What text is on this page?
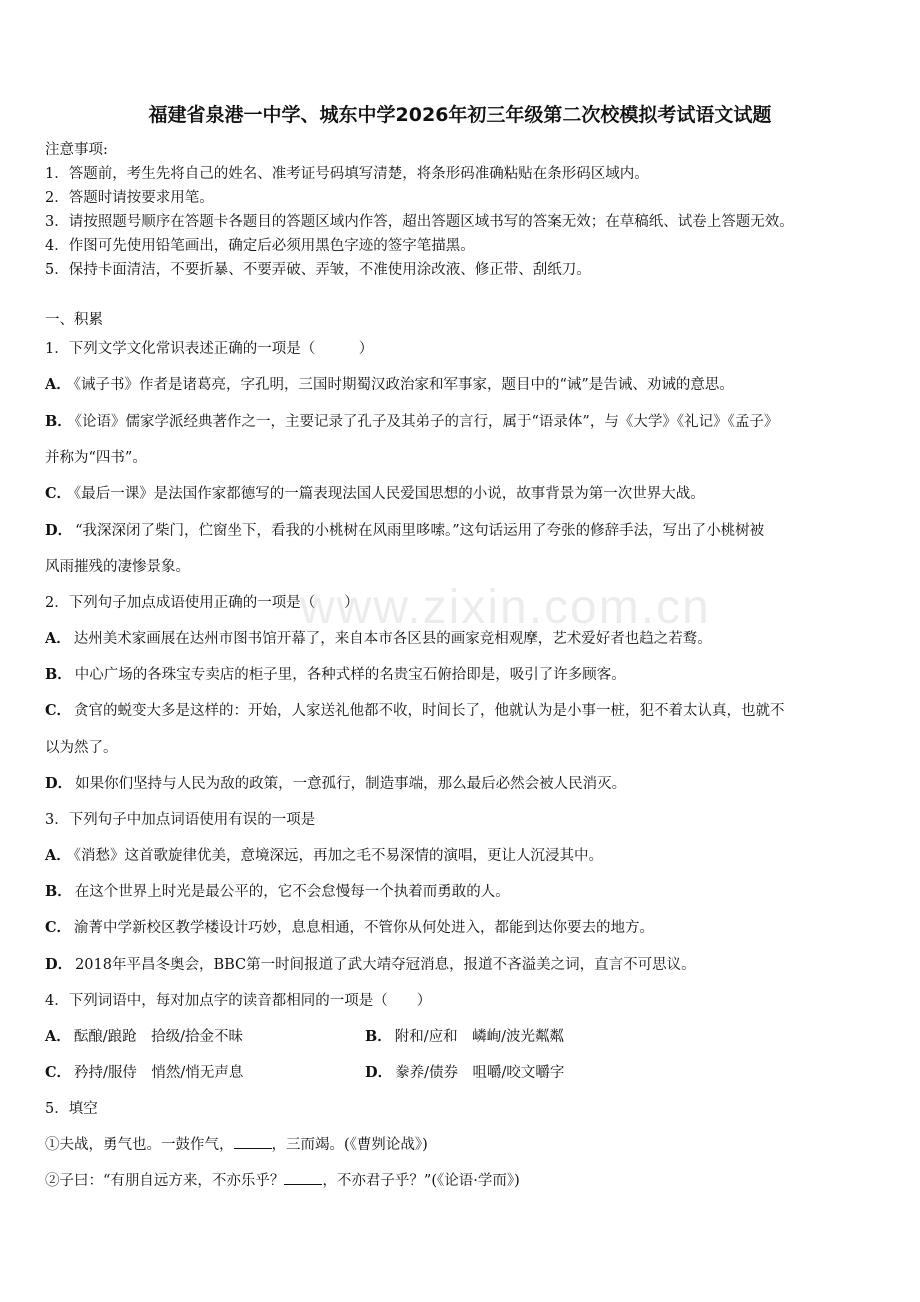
www.zixin.com.cn
福建省泉港一中学、城东中学2026年初三年级第二次校模拟考试语文试题
注意事项:
1．答题前，考生先将自己的姓名、准考证号码填写清楚，将条形码准确粘贴在条形码区域内。
2．答题时请按要求用笔。
3．请按照题号顺序在答题卡各题目的答题区域内作答，超出答题区域书写的答案无效；在草稿纸、试卷上答题无效。
4．作图可先使用铅笔画出，确定后必须用黑色字迹的签字笔描黑。
5．保持卡面清洁，不要折暴、不要弄破、弄皱，不准使用涂改液、修正带、刮纸刀。
一、积累
1．下列文学文化常识表述正确的一项是（　　　）
A． 《诫子书》作者是诸葛亮，字孔明，三国时期蜀汉政治家和军事家，题目中的“诫”是告诫、劝诫的意思。
B． 《论语》儒家学派经典著作之一，主要记录了孔子及其弟子的言行，属于“语录体”，与《大学》《礼记》《孟子》
并称为“四书”。
C． 《最后一课》是法国作家都德写的一篇表现法国人民爱国思想的小说，故事背景为第一次世界大战。
D． “我深深闭了柴门，伫窗坐下，看我的小桃树在风雨里哆嗦。”这句话运用了夸张的修辞手法，写出了小桃树被
风雨摧残的凄惨景象。
2．下列句子加点成语使用正确的一项是（　　）
A． 达州美术家画展在达州市图书馆开幕了，来自本市各区县的画家竞相观摩，艺术爱好者也趋之若鹜。
B． 中心广场的各珠宝专卖店的柜子里，各种式样的名贵宝石俯拾即是，吸引了许多顾客。
C． 贪官的蜕变大多是这样的：开始，人家送礼他都不收，时间长了，他就认为是小事一桩，犯不着太认真，也就不
以为然了。
D． 如果你们坚持与人民为敌的政策，一意孤行，制造事端，那么最后必然会被人民消灭。
3．下列句子中加点词语使用有误的一项是
A． 《消愁》这首歌旋律优美，意境深远，再加之毛不易深情的演唱，更让人沉浸其中。
B． 在这个世界上时光是最公平的，它不会怠慢每一个执着而勇敢的人。
C． 渝菁中学新校区教学楼设计巧妙，息息相通，不管你从何处进入，都能到达你要去的地方。
D． 2018年平昌冬奥会，BBC第一时间报道了武大靖夺冠消息，报道不吝溢美之词，直言不可思议。
4．下列词语中，每对加点字的读音都相同的一项是（　　）
A． 酝酿/踉跄　拾级/拾金不昧	B． 附和/应和　嶙峋/波光粼粼
C． 矜持/服侍　悄然/悄无声息	D． 豢养/债券　咀嚼/咬文嚼字
5．填空
①夫战，勇气也。一鼓作气，	，三而竭。(《曹刿论战》)
②子曰：“有朋自远方来，不亦乐乎？	，不亦君子乎？”(《论语·学而》)
